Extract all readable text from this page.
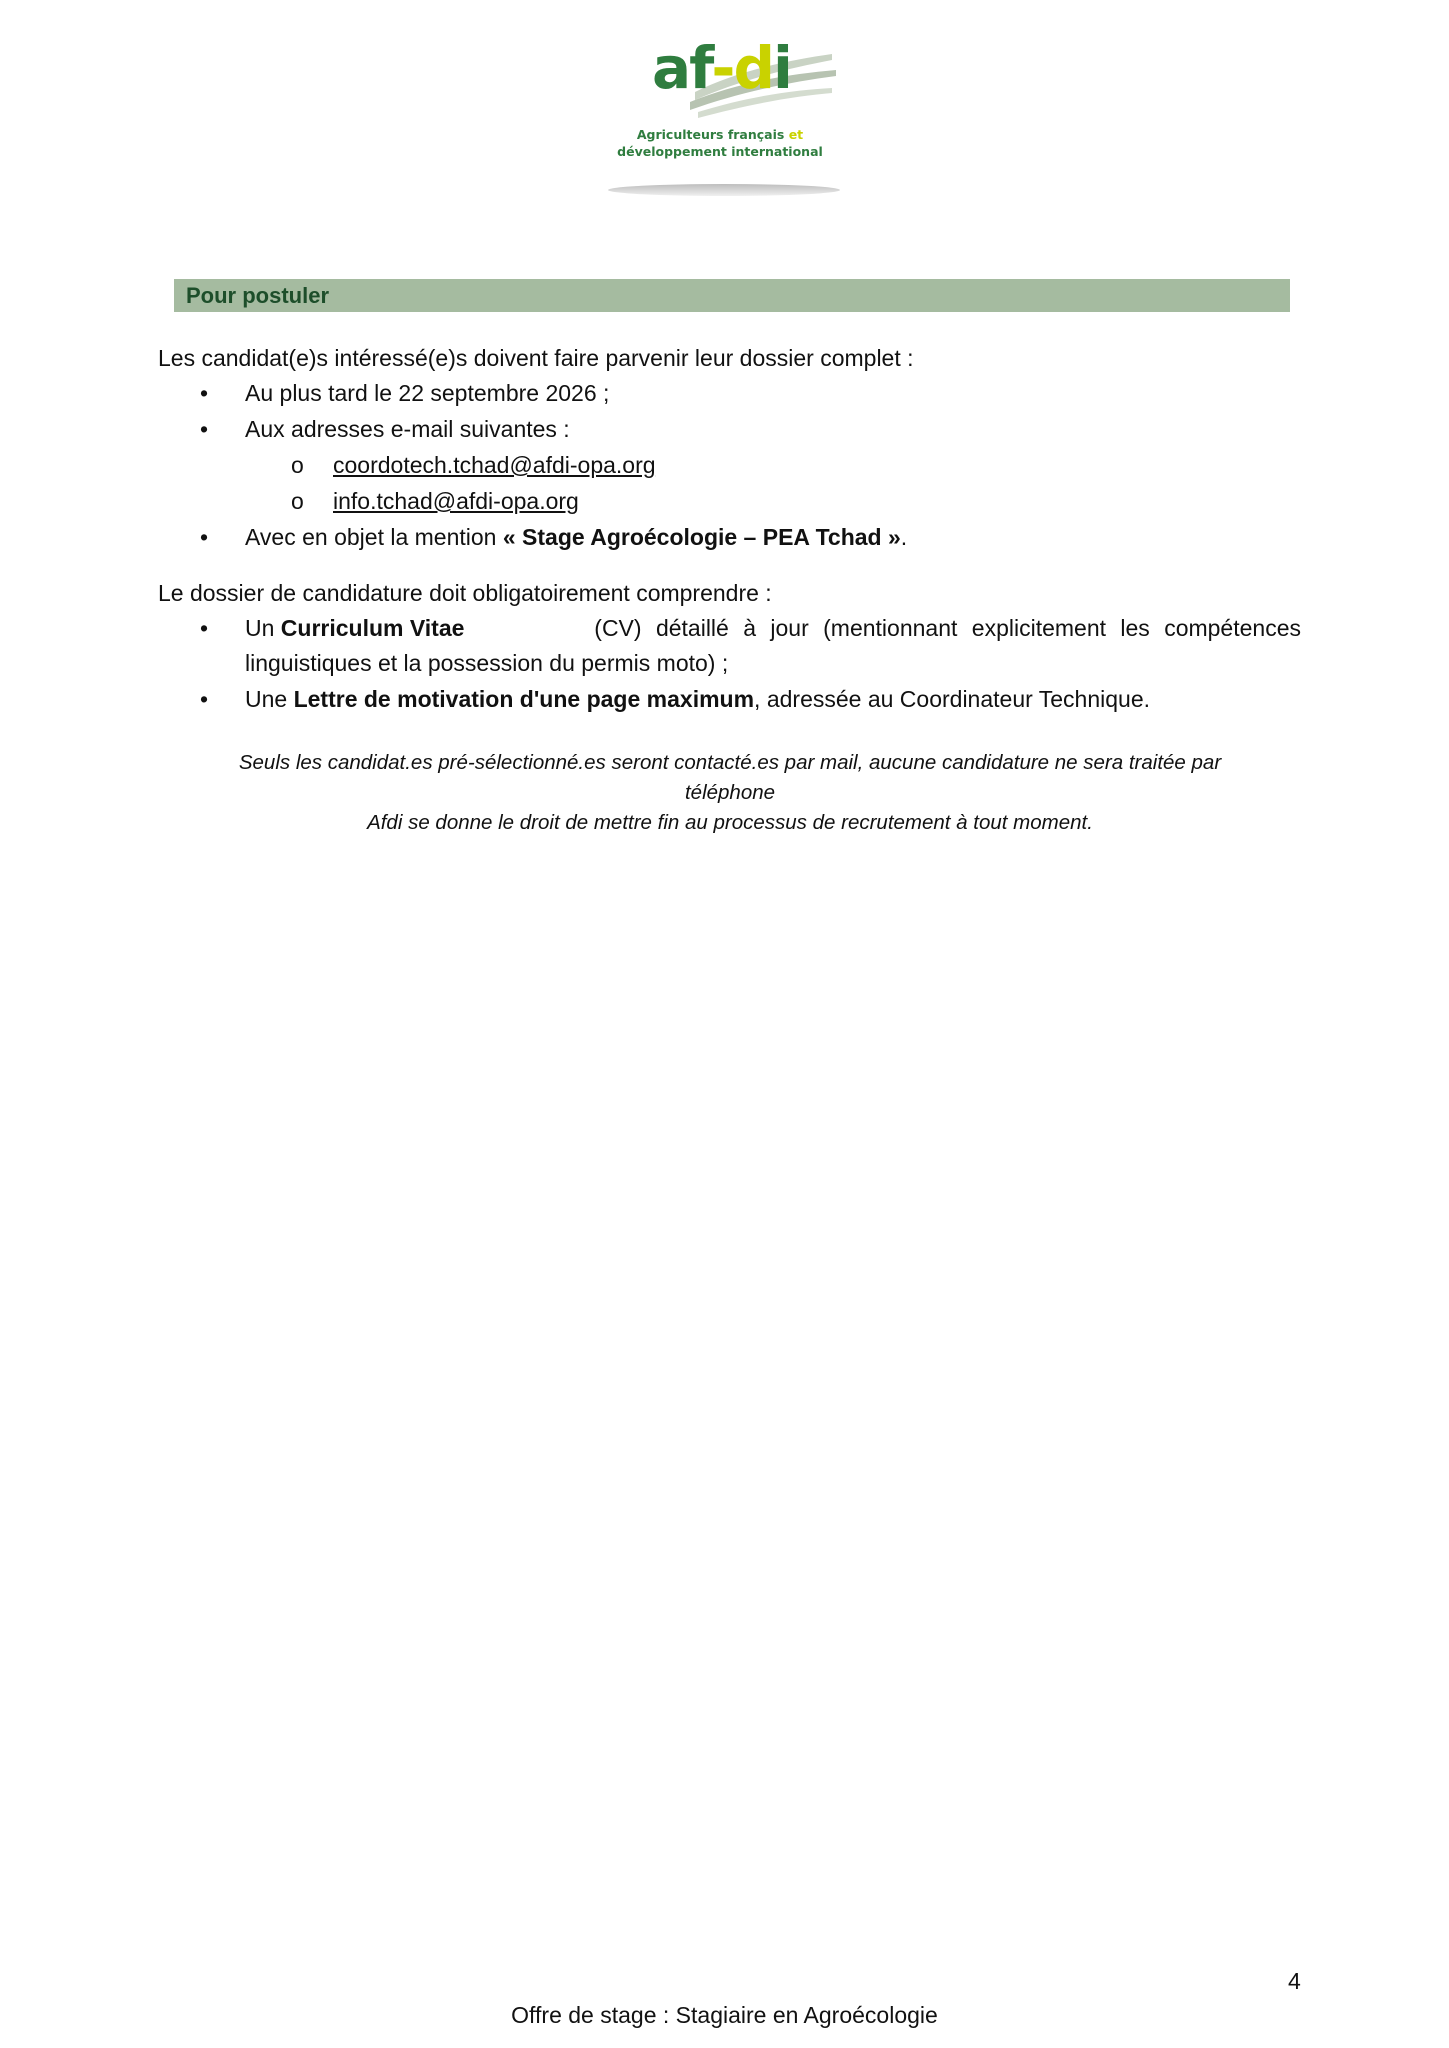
af-di
Agriculteurs français et
développement international
Pour postuler
Les candidat(e)s intéressé(e)s doivent faire parvenir leur dossier complet :
• Au plus tard le 22 septembre 2026 ;
• Aux adresses e-mail suivantes :
o coordotech.tchad@afdi-opa.org
o info.tchad@afdi-opa.org
• Avec en objet la mention « Stage Agroécologie – PEA Tchad ».
Le dossier de candidature doit obligatoirement comprendre :
• Un Curriculum Vitae	(CV) détaillé à jour (mentionnant explicitement les compétences
linguistiques et la possession du permis moto) ;
• Une Lettre de motivation d'une page maximum, adressée au Coordinateur Technique.
Seuls les candidat.es pré-sélectionné.es seront contacté.es par mail, aucune candidature ne sera traitée par
téléphone
Afdi se donne le droit de mettre fin au processus de recrutement à tout moment.
4
Offre de stage : Stagiaire en Agroécologie
